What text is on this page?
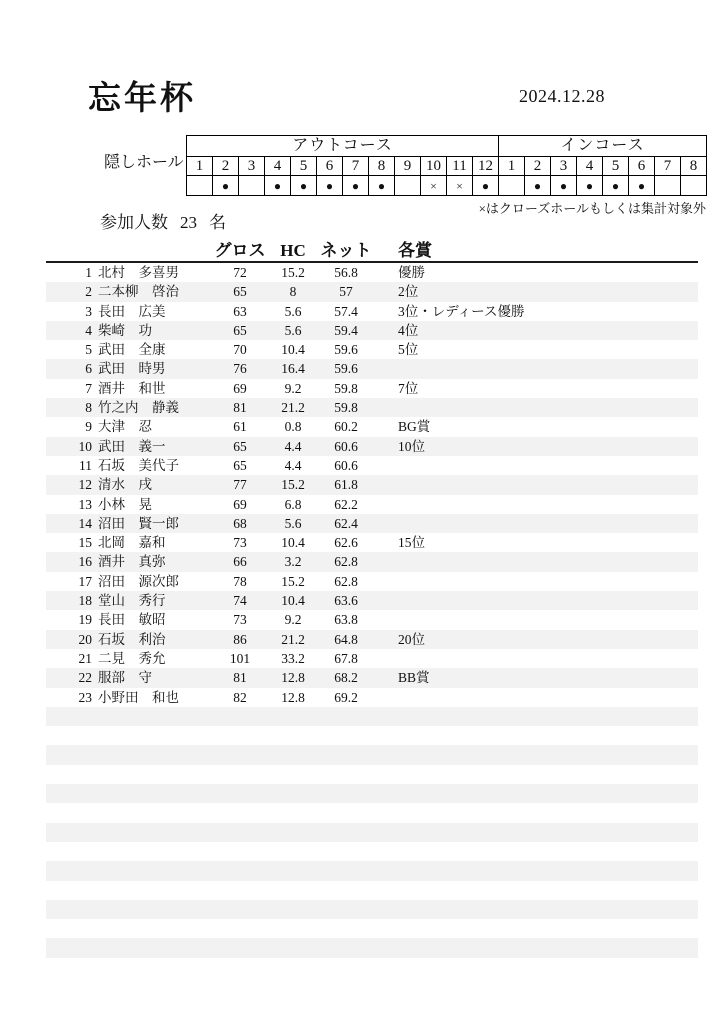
忘年杯	2024.12.28
隠しホール
アウトコース												インコース							
1	2	3	4	5	6	7	8	9	10	11	12	1	2	3	4	5	6	7	8
	●		●	●	●	●	●		×	×	●		●	●	●	●	●		
×はクローズホールもしくは集計対象外
参加人数 23 名
グロス HC ネット	各賞
1 北村　多喜男	72	15.2	56.8	優勝
2 二本柳　啓治	65	8	57	2位
3 長田　広美	63	5.6	57.4	3位・レディース優勝
4 柴崎　功	65	5.6	59.4	4位
5 武田　全康	70	10.4	59.6	5位
6 武田　時男	76	16.4	59.6
7 酒井　和世	69	9.2	59.8	7位
8 竹之内　静義	81	21.2	59.8
9 大津　忍	61	0.8	60.2	BG賞
10 武田　義一	65	4.4	60.6	10位
11 石坂　美代子	65	4.4	60.6
12 清水　戌	77	15.2	61.8
13 小林　晃	69	6.8	62.2
14 沼田　賢一郎	68	5.6	62.4
15 北岡　嘉和	73	10.4	62.6	15位
16 酒井　真弥	66	3.2	62.8
17 沼田　源次郎	78	15.2	62.8
18 堂山　秀行	74	10.4	63.6
19 長田　敏昭	73	9.2	63.8
20 石坂　利治	86	21.2	64.8	20位
21 二見　秀允	101	33.2	67.8
22 服部　守	81	12.8	68.2	BB賞
23 小野田　和也	82	12.8	69.2
